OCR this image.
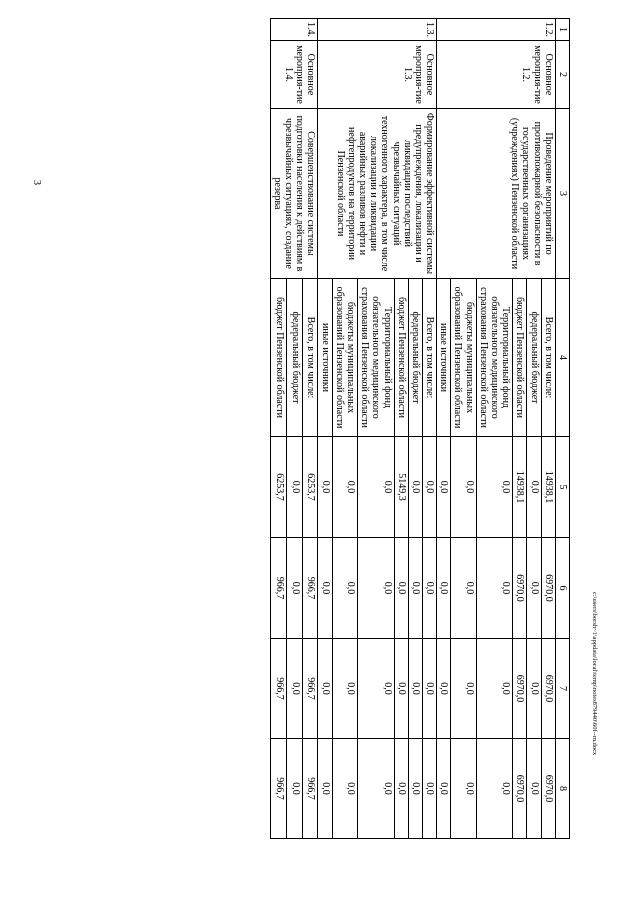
3
c:\users\borsh~1\appdata\local\temp\notes879440\60f--m.docx
1	2	3	4	5	6	7	8
1.2.	Основное мероприя-тие 1.2.	Проведение мероприятий по противопожарной безопасности в государственных организациях (учреждениях) Пензенской области	Всего, в том числе:	14938,1	6970,0	6970,0	6970,0
			федеральный бюджет	0,0	0,0	0,0	0,0
			бюджет Пензенской области	14938,1	6970,0	6970,0	6970,0
			Территориальный фонд обязательного медицинского страхования Пензенской области	0,0	0,0	0,0	0,0
			бюджеты муниципальных образований Пензенской области	0,0	0,0	0,0	0,0
			иные источники	0,0	0,0	0,0	0,0
1.3.	Основное мероприя-тие 1.3.	Формирование эффективной системы предупреждения, локализации и ликвидации последствий чрезвычайных ситуаций техногенного характера, в том числе локализации и ликвидации аварийных разливов нефти и нефтепродуктов на территории Пензенской области	Всего, в том числе:	0,0	0,0	0,0	0,0
			федеральный бюджет	0,0	0,0	0,0	0,0
			бюджет Пензенской области	5149,3	0,0	0,0	0,0
			Территориальный фонд обязательного медицинского страхования Пензенской области	0,0	0,0	0,0	0,0
			бюджеты муниципальных образований Пензенской области	0,0	0,0	0,0	0,0
			иные источники	0,0	0,0	0,0	0,0
1.4.	Основное мероприя-тие 1.4.	Совершенствование системы подготовки населения к действиям в чрезвычайных ситуациях, создание резерва	Всего, в том числе:	6253,7	966,7	966,7	966,7
			федеральный бюджет	0,0	0,0	0,0	0,0
			бюджет Пензенской области	6253,7	966,7	966,7	966,7
